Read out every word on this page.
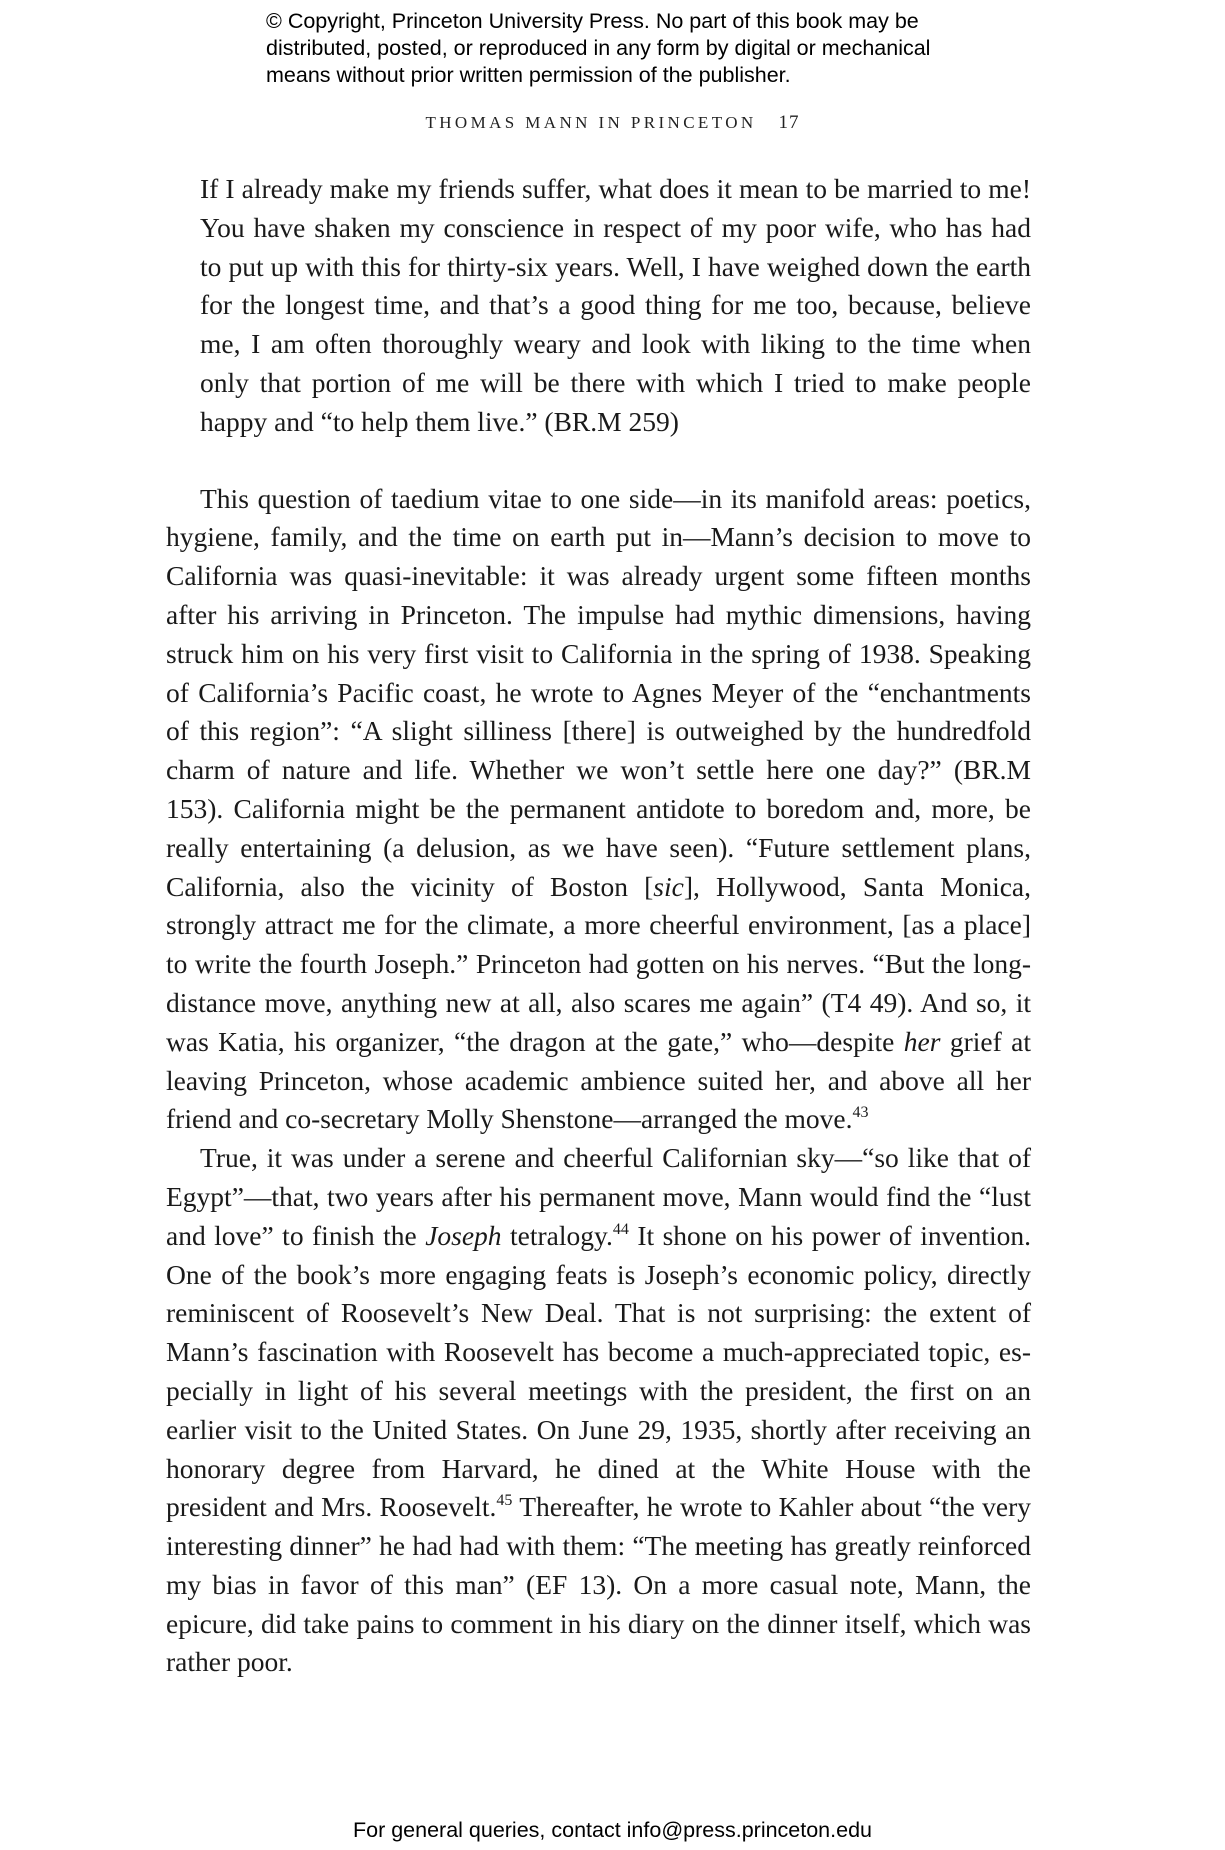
© Copyright, Princeton University Press. No part of this book may be

distributed, posted, or reproduced in any form by digital or mechanical

means without prior written permission of the publisher.

THOMAS MANN IN PRINCETON 17

If I already make my friends suffer, what does it mean to be married to me! You have shaken my conscience in respect of my poor wife, who has had to put up with this for thirty-six years. Well, I have weighed down the earth for the longest time, and that’s a good thing for me too, because, believe me, I am often thoroughly weary and look with liking to the time when only that portion of me will be there with which I tried to make people happy and “to help them live.” (BR.M 259)

This question of taedium vitae to one side—in its manifold areas: poetics, hygiene, family, and the time on earth put in—Mann’s decision to move to California was quasi-inevitable: it was already urgent some fifteen months after his arriving in Princeton. The impulse had mythic dimensions, having struck him on his very first visit to California in the spring of 1938. Speaking of California’s Pacific coast, he wrote to Agnes Meyer of the “enchantments of this region”: “A slight silliness [there] is outweighed by the hundredfold charm of nature and life. Whether we won’t settle here one day?” (BR.M 153). California might be the permanent antidote to boredom and, more, be really entertaining (a delusion, as we have seen). “Future settlement plans, California, also the vicinity of Boston [sic], Hollywood, Santa Monica, strongly attract me for the climate, a more cheerful environment, [as a place] to write the fourth Joseph.” Princeton had gotten on his nerves. “But the long-distance move, anything new at all, also scares me again” (T4 49). And so, it was Katia, his organizer, “the dragon at the gate,” who—despite her grief at leaving Princeton, whose academic ambience suited her, and above all her friend and co-secretary Molly Shenstone—arranged the move.$^{43}$

True, it was under a serene and cheerful Californian sky—“so like that of Egypt”—that, two years after his permanent move, Mann would find the “lust and love” to finish the Joseph tetralogy.$^{44}$ It shone on his power of invention. One of the book’s more engaging feats is Joseph’s economic policy, directly reminiscent of Roosevelt’s New Deal. That is not surprising: the extent of Mann’s fascination with Roosevelt has become a much-appreciated topic, especially in light of his several meetings with the president, the first on an earlier visit to the United States. On June 29, 1935, shortly after receiving an honorary degree from Harvard, he dined at the White House with the president and Mrs. Roosevelt.$^{45}$ Thereafter, he wrote to Kahler about “the very interesting dinner” he had had with them: “The meeting has greatly reinforced my bias in favor of this man” (EF 13). On a more casual note, Mann, the epicure, did take pains to comment in his diary on the dinner itself, which was rather poor.

For general queries, contact info@press.princeton.edu
